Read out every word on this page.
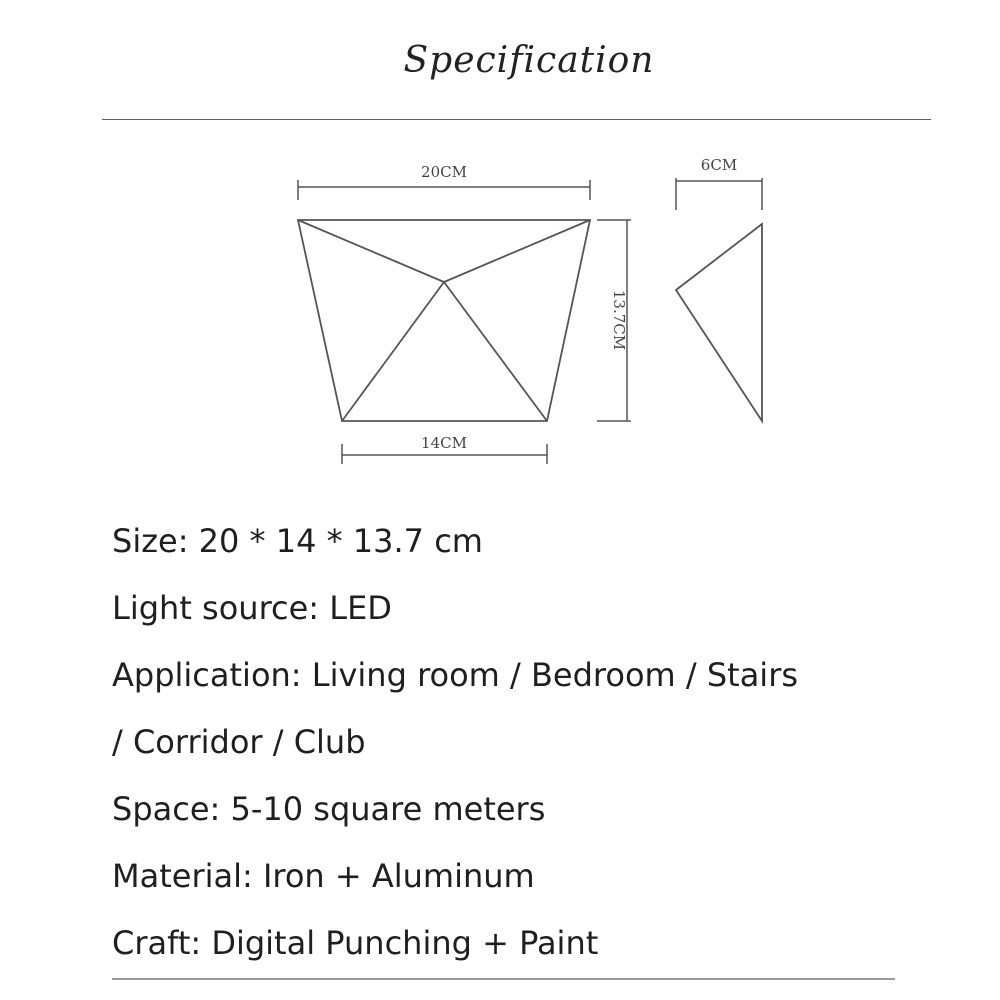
Specification
20CM
14CM
13.7CM
6CM
Size: 20 * 14 * 13.7 cm
Light source: LED
Application: Living room / Bedroom / Stairs
/ Corridor / Club
Space: 5-10 square meters
Material: Iron + Aluminum
Craft: Digital Punching + Paint
